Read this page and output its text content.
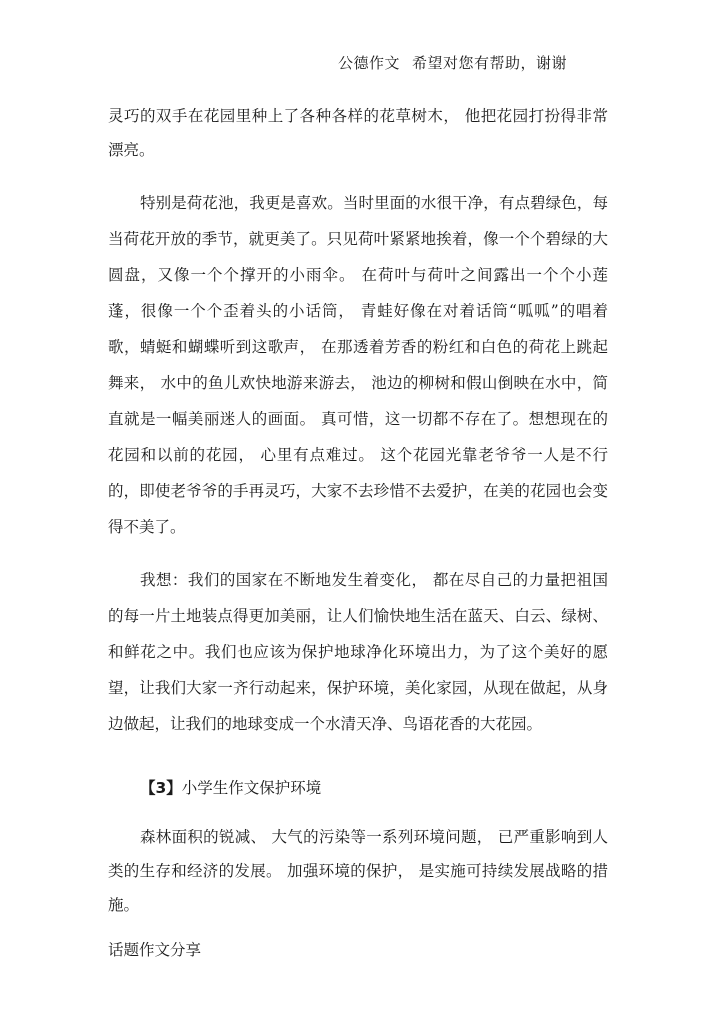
公德作文 希望对您有帮助，谢谢

灵巧的双手在花园里种上了各种各样的花草树木， 他把花园打扮得非常漂亮。

特别是荷花池，我更是喜欢。当时里面的水很干净，有点碧绿色，每当荷花开放的季节，就更美了。只见荷叶紧紧地挨着，像一个个碧绿的大圆盘，又像一个个撑开的小雨伞。 在荷叶与荷叶之间露出一个个小莲蓬，很像一个个歪着头的小话筒， 青蛙好像在对着话筒“呱呱”的唱着歌，蜻蜓和蝴蝶听到这歌声， 在那透着芳香的粉红和白色的荷花上跳起舞来， 水中的鱼儿欢快地游来游去， 池边的柳树和假山倒映在水中，简直就是一幅美丽迷人的画面。 真可惜，这一切都不存在了。想想现在的花园和以前的花园， 心里有点难过。 这个花园光靠老爷爷一人是不行的，即使老爷爷的手再灵巧，大家不去珍惜不去爱护，在美的花园也会变得不美了。

我想：我们的国家在不断地发生着变化， 都在尽自己的力量把祖国的每一片土地装点得更加美丽，让人们愉快地生活在蓝天、白云、绿树、和鲜花之中。我们也应该为保护地球净化环境出力，为了这个美好的愿望，让我们大家一齐行动起来，保护环境，美化家园，从现在做起，从身边做起，让我们的地球变成一个水清天净、鸟语花香的大花园。

【3】小学生作文保护环境

森林面积的锐减、 大气的污染等一系列环境问题， 已严重影响到人类的生存和经济的发展。 加强环境的保护， 是实施可持续发展战略的措施。

话题作文分享
